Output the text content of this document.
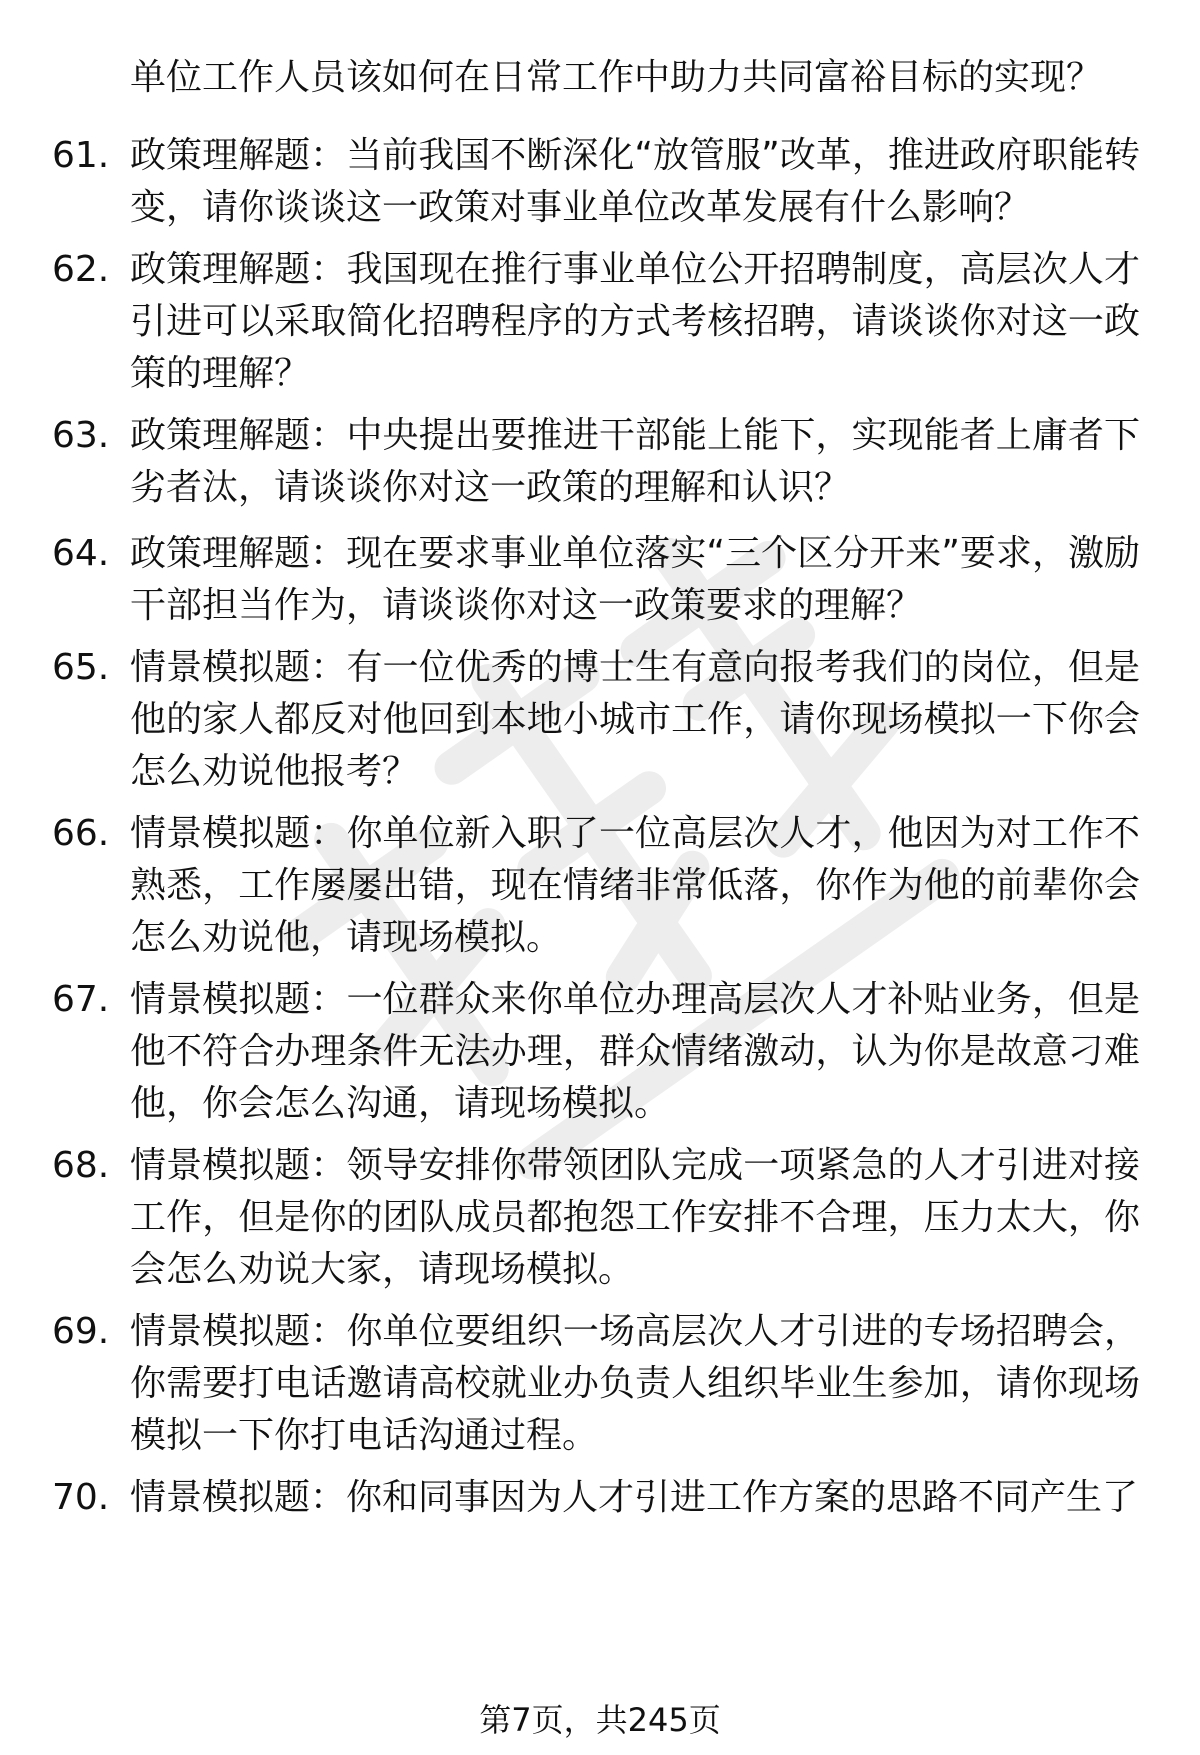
单位工作人员该如何在日常工作中助力共同富裕目标的实现？
61. 政策理解题：当前我国不断深化“放管服”改革，推进政府职能转变，请你谈谈这一政策对事业单位改革发展有什么影响？
62. 政策理解题：我国现在推行事业单位公开招聘制度，高层次人才引进可以采取简化招聘程序的方式考核招聘，请谈谈你对这一政策的理解？
63. 政策理解题：中央提出要推进干部能上能下，实现能者上庸者下劣者汰，请谈谈你对这一政策的理解和认识？
64. 政策理解题：现在要求事业单位落实“三个区分开来”要求，激励干部担当作为，请谈谈你对这一政策要求的理解？
65. 情景模拟题：有一位优秀的博士生有意向报考我们的岗位，但是他的家人都反对他回到本地小城市工作，请你现场模拟一下你会怎么劝说他报考？
66. 情景模拟题：你单位新入职了一位高层次人才，他因为对工作不熟悉，工作屡屡出错，现在情绪非常低落，你作为他的前辈你会怎么劝说他，请现场模拟。
67. 情景模拟题：一位群众来你单位办理高层次人才补贴业务，但是他不符合办理条件无法办理，群众情绪激动，认为你是故意刁难他，你会怎么沟通，请现场模拟。
68. 情景模拟题：领导安排你带领团队完成一项紧急的人才引进对接工作，但是你的团队成员都抱怨工作安排不合理，压力太大，你会怎么劝说大家，请现场模拟。
69. 情景模拟题：你单位要组织一场高层次人才引进的专场招聘会，你需要打电话邀请高校就业办负责人组织毕业生参加，请你现场模拟一下你打电话沟通过程。
70. 情景模拟题：你和同事因为人才引进工作方案的思路不同产生了
第7页，共245页
